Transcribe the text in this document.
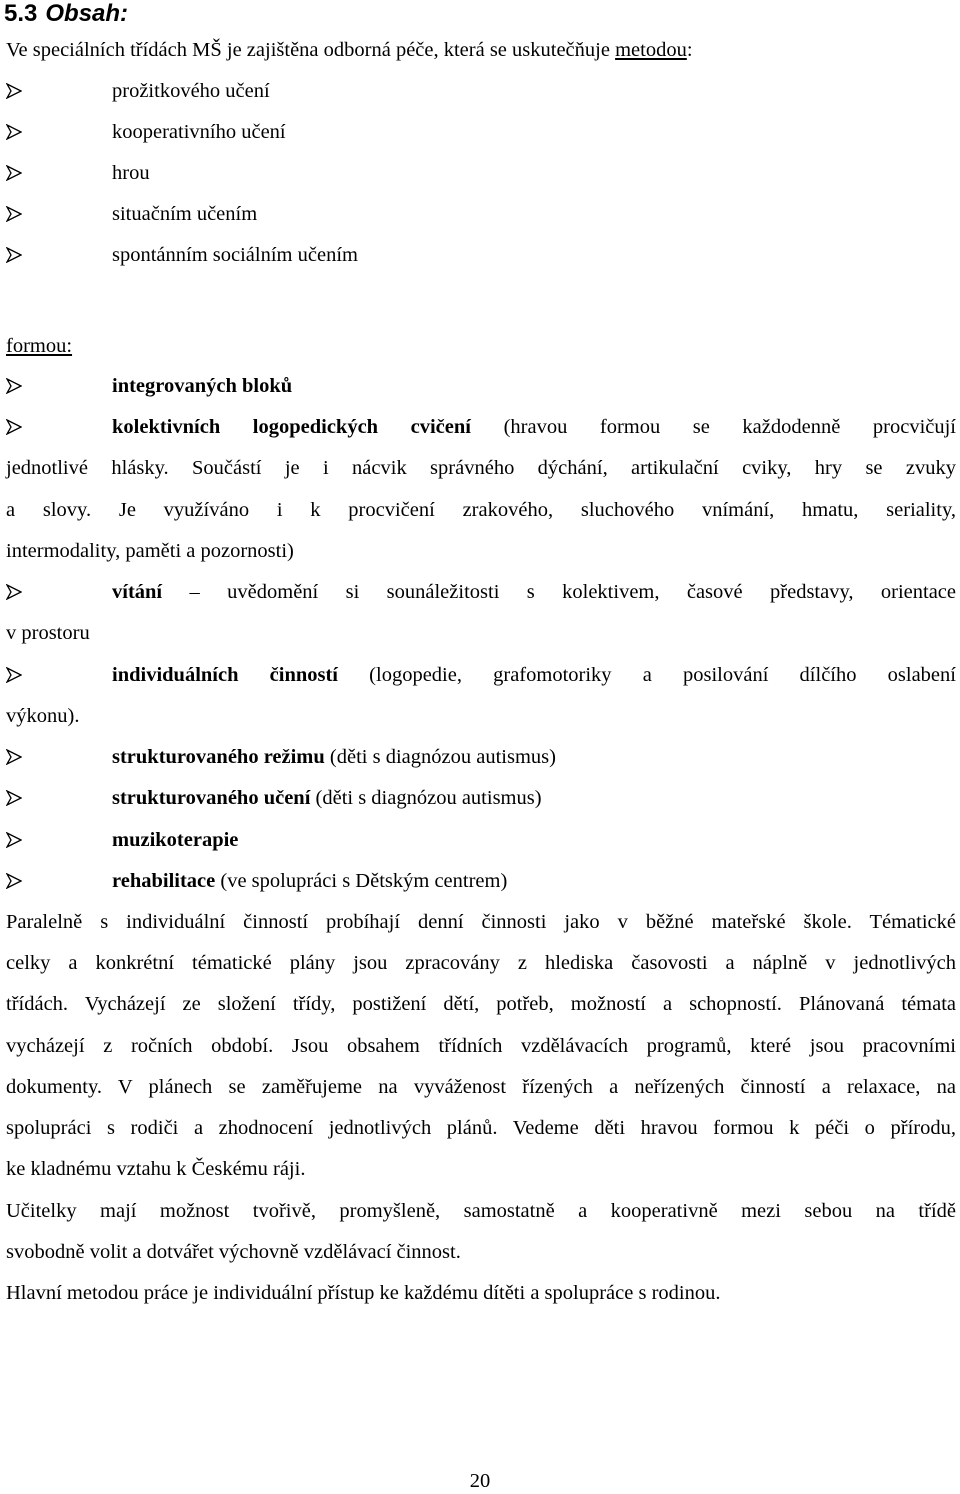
5.3 Obsah:
Ve speciálních třídách MŠ je zajištěna odborná péče, která se uskutečňuje metodou:
prožitkového učení
kooperativního učení
hrou
situačním učením
spontánním sociálním učením
formou:
integrovaných bloků
kolektivních logopedických cvičení (hravou formou se každodenně procvičují
jednotlivé hlásky. Součástí je i nácvik správného dýchání, artikulační cviky, hry se zvuky
a slovy. Je využíváno i k procvičení zrakového, sluchového vnímání, hmatu, seriality,
intermodality, paměti a pozornosti)
vítání – uvědomění si sounáležitosti s kolektivem, časové představy, orientace
v prostoru
individuálních činností (logopedie, grafomotoriky a posilování dílčího oslabení
výkonu).
strukturovaného režimu (děti s diagnózou autismus)
strukturovaného učení (děti s diagnózou autismus)
muzikoterapie
rehabilitace (ve spolupráci s Dětským centrem)
Paralelně s individuální činností probíhají denní činnosti jako v běžné mateřské škole. Tématické
celky a konkrétní tématické plány jsou zpracovány z hlediska časovosti a náplně v jednotlivých
třídách. Vycházejí ze složení třídy, postižení dětí, potřeb, možností a schopností. Plánovaná témata
vycházejí z ročních období. Jsou obsahem třídních vzdělávacích programů, které jsou pracovními
dokumenty. V plánech se zaměřujeme na vyváženost řízených a neřízených činností a relaxace, na
spolupráci s rodiči a zhodnocení jednotlivých plánů. Vedeme děti hravou formou k péči o přírodu,
ke kladnému vztahu k Českému ráji.
Učitelky mají možnost tvořivě, promyšleně, samostatně a kooperativně mezi sebou na třídě
svobodně volit a dotvářet výchovně vzdělávací činnost.
Hlavní metodou práce je individuální přístup ke každému dítěti a spolupráce s rodinou.
20
